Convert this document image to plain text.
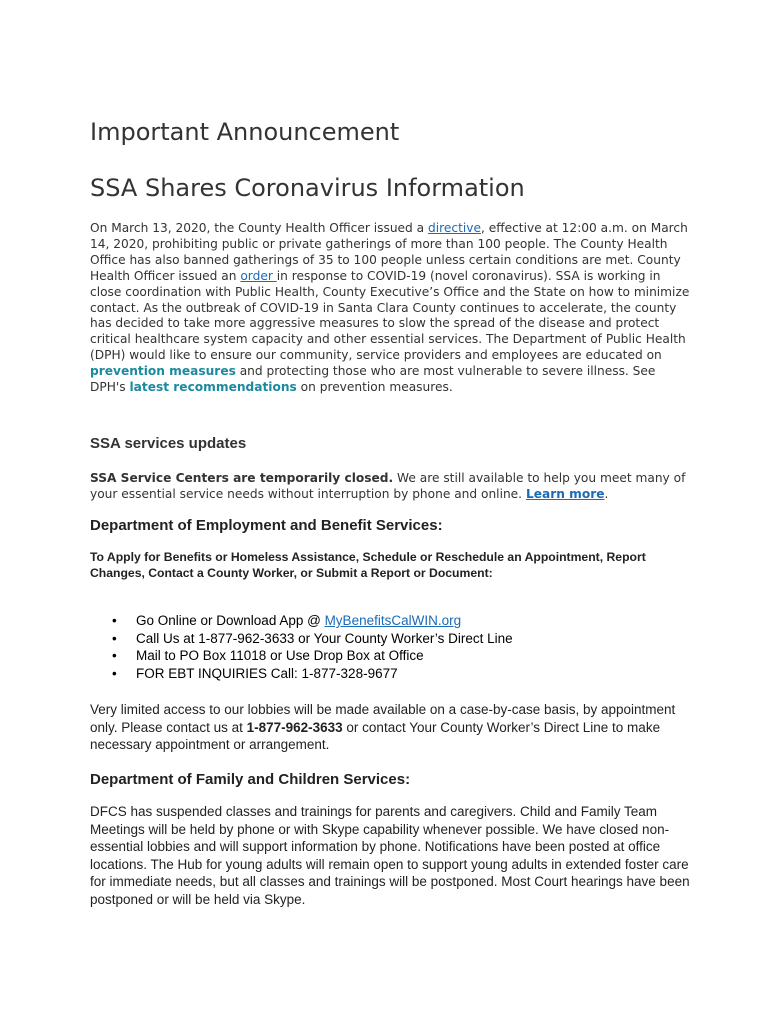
Important Announcement
SSA Shares Coronavirus Information

On March 13, 2020, the County Health Officer issued a directive, effective at 12:00 a.m. on March 14, 2020, prohibiting public or private gatherings of more than 100 people. The County Health Office has also banned gatherings of 35 to 100 people unless certain conditions are met. County Health Officer issued an order in response to COVID-19 (novel coronavirus). SSA is working in close coordination with Public Health, County Executive’s Office and the State on how to minimize contact. As the outbreak of COVID-19 in Santa Clara County continues to accelerate, the county has decided to take more aggressive measures to slow the spread of the disease and protect critical healthcare system capacity and other essential services. The Department of Public Health (DPH) would like to ensure our community, service providers and employees are educated on prevention measures and protecting those who are most vulnerable to severe illness. See DPH's latest recommendations on prevention measures.

SSA services updates

SSA Service Centers are temporarily closed. We are still available to help you meet many of your essential service needs without interruption by phone and online. Learn more.

Department of Employment and Benefit Services:

To Apply for Benefits or Homeless Assistance, Schedule or Reschedule an Appointment, Report Changes, Contact a County Worker, or Submit a Report or Document:

• Go Online or Download App @ MyBenefitsCalWIN.org
• Call Us at 1-877-962-3633 or Your County Worker’s Direct Line
• Mail to PO Box 11018 or Use Drop Box at Office
• FOR EBT INQUIRIES Call: 1-877-328-9677

Very limited access to our lobbies will be made available on a case-by-case basis, by appointment only. Please contact us at 1-877-962-3633 or contact Your County Worker’s Direct Line to make necessary appointment or arrangement.

Department of Family and Children Services:

DFCS has suspended classes and trainings for parents and caregivers. Child and Family Team Meetings will be held by phone or with Skype capability whenever possible. We have closed non-essential lobbies and will support information by phone. Notifications have been posted at office locations. The Hub for young adults will remain open to support young adults in extended foster care for immediate needs, but all classes and trainings will be postponed. Most Court hearings have been postponed or will be held via Skype.
